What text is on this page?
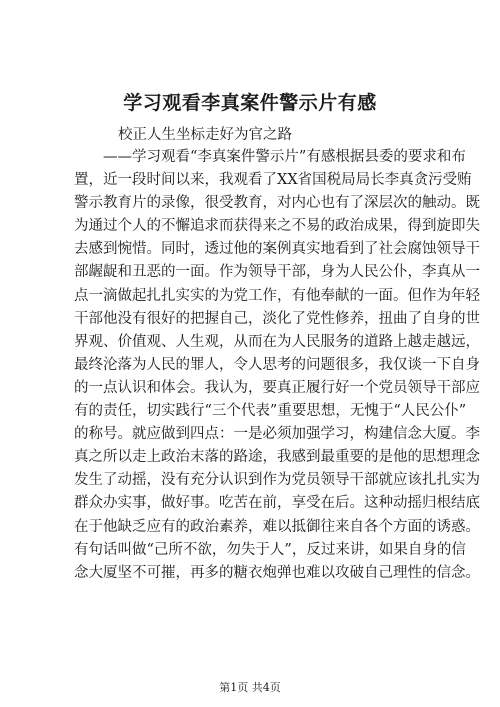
学习观看李真案件警示片有感
校正人生坐标走好为官之路
——学习观看“李真案件警示片”有感根据县委的要求和布
置，近一段时间以来，我观看了XX省国税局局长李真贪污受贿
警示教育片的录像，很受教育，对内心也有了深层次的触动。既
为通过个人的不懈追求而获得来之不易的政治成果，得到旋即失
去感到惋惜。同时，透过他的案例真实地看到了社会腐蚀领导干
部龌龊和丑恶的一面。作为领导干部，身为人民公仆，李真从一
点一滴做起扎扎实实的为党工作，有他奉献的一面。但作为年轻
干部他没有很好的把握自己，淡化了党性修养，扭曲了自身的世
界观、价值观、人生观，从而在为人民服务的道路上越走越远，
最终沦落为人民的罪人，令人思考的问题很多，我仅谈一下自身
的一点认识和体会。我认为，要真正履行好一个党员领导干部应
有的责任，切实践行“三个代表”重要思想，无愧于“人民公仆”
的称号。就应做到四点：一是必须加强学习，构建信念大厦。李
真之所以走上政治末落的路途，我感到最重要的是他的思想理念
发生了动摇，没有充分认识到作为党员领导干部就应该扎扎实为
群众办实事，做好事。吃苦在前，享受在后。这种动摇归根结底
在于他缺乏应有的政治素养，难以抵御往来自各个方面的诱惑。
有句话叫做“己所不欲，勿失于人”，反过来讲，如果自身的信
念大厦坚不可摧，再多的糖衣炮弹也难以攻破自己理性的信念。
第1页 共4页
